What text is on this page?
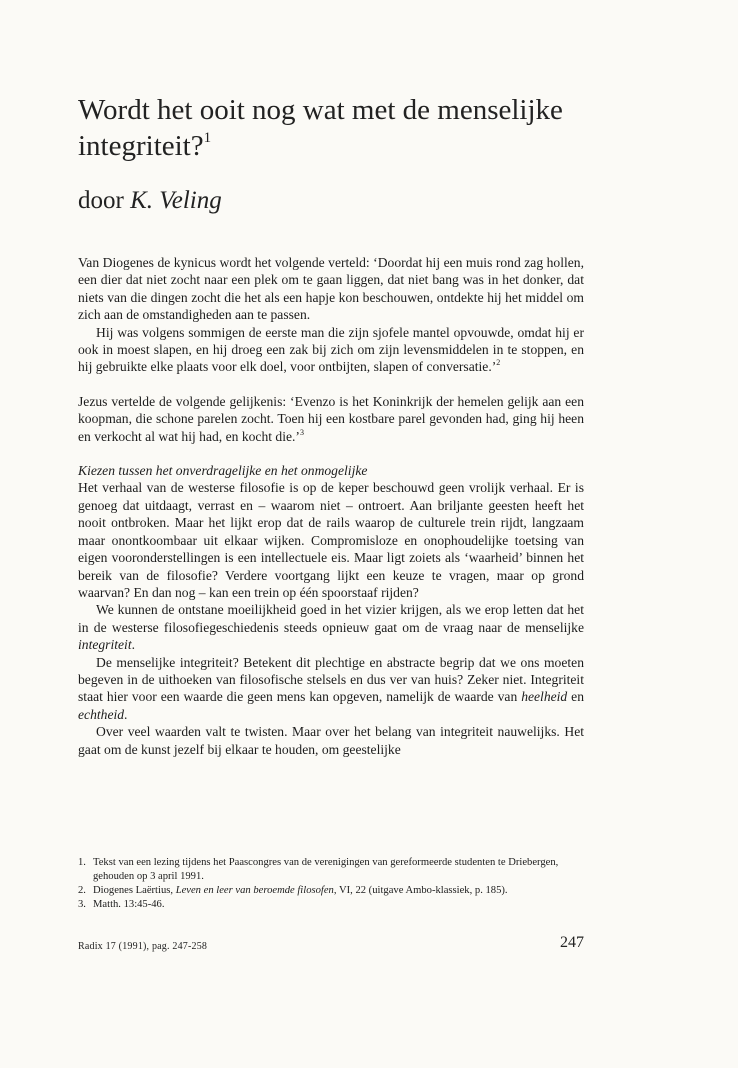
Wordt het ooit nog wat met de menselijke integriteit?$^1$
door K. Veling

Van Diogenes de kynicus wordt het volgende verteld: ‘Doordat hij een muis rond zag hollen, een dier dat niet zocht naar een plek om te gaan liggen, dat niet bang was in het donker, dat niets van die dingen zocht die het als een hapje kon beschouwen, ontdekte hij het middel om zich aan de omstandigheden aan te passen.

Hij was volgens sommigen de eerste man die zijn sjofele mantel opvouwde, omdat hij er ook in moest slapen, en hij droeg een zak bij zich om zijn levensmiddelen in te stoppen, en hij gebruikte elke plaats voor elk doel, voor ontbijten, slapen of conversatie.’$^2$

Jezus vertelde de volgende gelijkenis: ‘Evenzo is het Koninkrijk der hemelen gelijk aan een koopman, die schone parelen zocht. Toen hij een kostbare parel gevonden had, ging hij heen en verkocht al wat hij had, en kocht die.’$^3$

Kiezen tussen het onverdragelijke en het onmogelijke

Het verhaal van de westerse filosofie is op de keper beschouwd geen vrolijk verhaal. Er is genoeg dat uitdaagt, verrast en – waarom niet – ontroert. Aan briljante geesten heeft het nooit ontbroken. Maar het lijkt erop dat de rails waarop de culturele trein rijdt, langzaam maar onontkoombaar uit elkaar wijken. Compromisloze en onophoudelijke toetsing van eigen vooronderstellingen is een intellectuele eis. Maar ligt zoiets als ‘waarheid’ binnen het bereik van de filosofie? Verdere voortgang lijkt een keuze te vragen, maar op grond waarvan? En dan nog – kan een trein op één spoorstaaf rijden?

We kunnen de ontstane moeilijkheid goed in het vizier krijgen, als we erop letten dat het in de westerse filosofiegeschiedenis steeds opnieuw gaat om de vraag naar de menselijke integriteit.

De menselijke integriteit? Betekent dit plechtige en abstracte begrip dat we ons moeten begeven in de uithoeken van filosofische stelsels en dus ver van huis? Zeker niet. Integriteit staat hier voor een waarde die geen mens kan opgeven, namelijk de waarde van heelheid en echtheid.

Over veel waarden valt te twisten. Maar over het belang van integriteit nauwelijks. Het gaat om de kunst jezelf bij elkaar te houden, om geestelijke

1. Tekst van een lezing tijdens het Paascongres van de verenigingen van gereformeerde studenten te Driebergen, gehouden op 3 april 1991.
2. Diogenes Laërtius, Leven en leer van beroemde filosofen, VI, 22 (uitgave Ambo-klassiek, p. 185).
3. Matth. 13:45-46.
Radix 17 (1991), pag. 247-258	247
